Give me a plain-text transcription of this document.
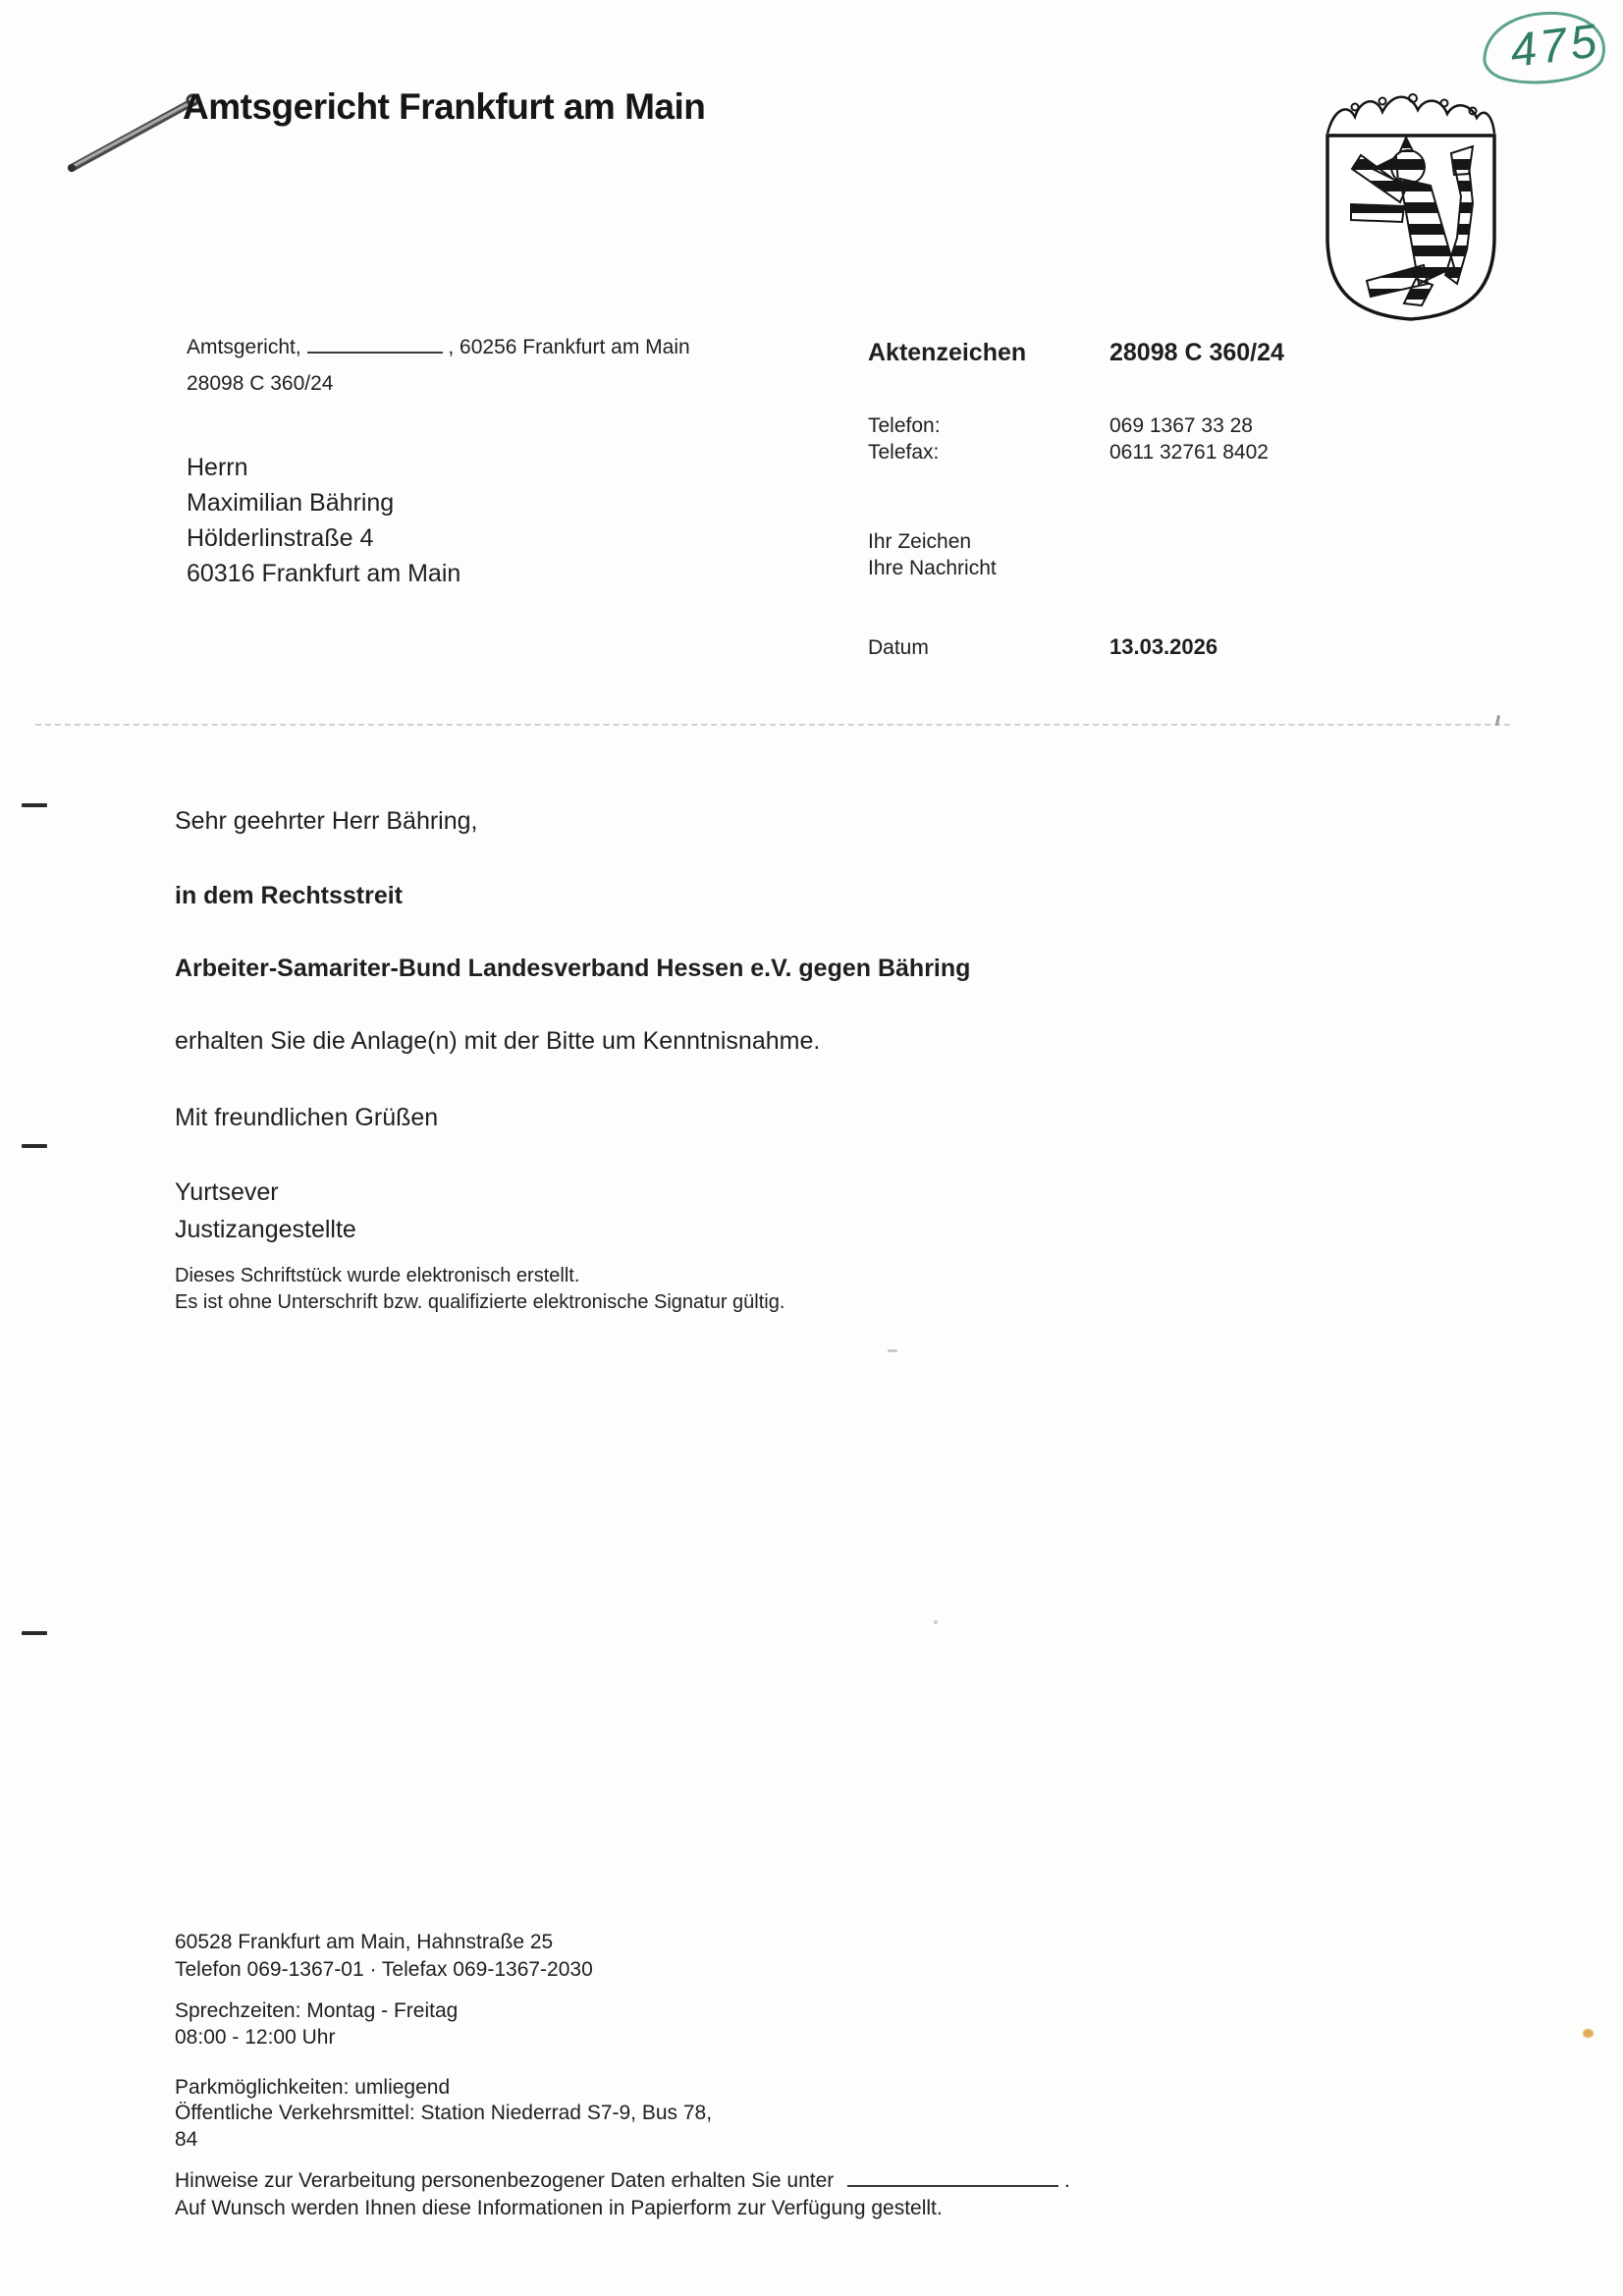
Amtsgericht Frankfurt am Main
475
Amtsgericht,	, 60256 Frankfurt am Main
28098 C 360/24
Herrn
Maximilian Bähring
Hölderlinstraße 4
60316 Frankfurt am Main
Aktenzeichen	28098 C 360/24
Telefon:	069 1367 33 28
Telefax:	0611 32761 8402
Ihr Zeichen
Ihre Nachricht
Datum	13.03.2026
Sehr geehrter Herr Bähring,
in dem Rechtsstreit
Arbeiter-Samariter-Bund Landesverband Hessen e.V. gegen Bähring
erhalten Sie die Anlage(n) mit der Bitte um Kenntnisnahme.
Mit freundlichen Grüßen
Yurtsever
Justizangestellte
Dieses Schriftstück wurde elektronisch erstellt.
Es ist ohne Unterschrift bzw. qualifizierte elektronische Signatur gültig.
60528 Frankfurt am Main, Hahnstraße 25
Telefon 069-1367-01 · Telefax 069-1367-2030
Sprechzeiten: Montag - Freitag
08:00 - 12:00 Uhr
Parkmöglichkeiten: umliegend
Öffentliche Verkehrsmittel: Station Niederrad S7-9, Bus 78,
84
Hinweise zur Verarbeitung personenbezogener Daten erhalten Sie unter	.
Auf Wunsch werden Ihnen diese Informationen in Papierform zur Verfügung gestellt.
